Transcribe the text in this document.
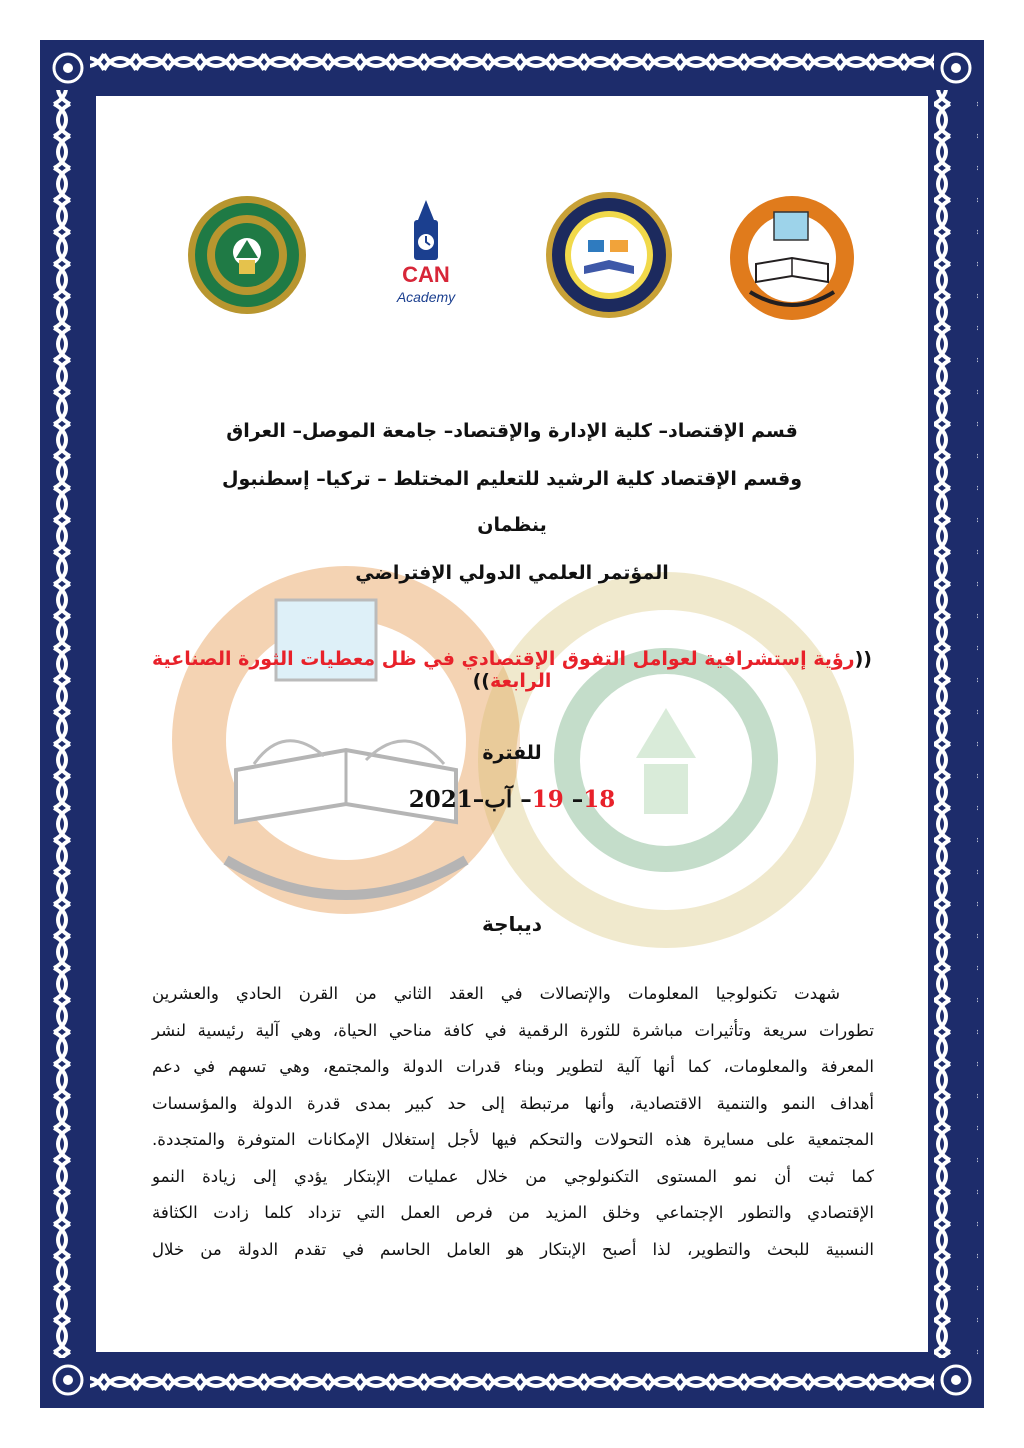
CAN
Academy
قسم الإقتصاد– كلية الإدارة والإقتصاد– جامعة الموصل– العراق
وقسم الإقتصاد كلية الرشيد للتعليم المختلط – تركيا– إسطنبول
ينظمان
المؤتمر العلمي الدولي الإفتراضي
((رؤية إستشرافية لعوامل التفوق الإقتصادي في ظل معطيات الثورة الصناعية الرابعة))
للفترة
18– 19– آب–2021
ديباجة
شهدت تكنولوجيا المعلومات والإتصالات في العقد الثاني من القرن الحادي والعشرين
تطورات سريعة وتأثيرات مباشرة للثورة الرقمية في كافة مناحي الحياة، وهي آلية رئيسية لنشر
المعرفة والمعلومات، كما أنها آلية لتطوير وبناء قدرات الدولة والمجتمع، وهي تسهم في دعم
أهداف النمو والتنمية الاقتصادية، وأنها مرتبطة إلى حد كبير بمدى قدرة الدولة والمؤسسات
المجتمعية على مسايرة هذه التحولات والتحكم فيها لأجل إستغلال الإمكانات المتوفرة والمتجددة.
كما ثبت أن نمو المستوى التكنولوجي من خلال عمليات الإبتكار يؤدي إلى زيادة النمو
الإقتصادي والتطور الإجتماعي وخلق المزيد من فرص العمل التي تزداد كلما زادت الكثافة
النسبية للبحث والتطوير، لذا أصبح الإبتكار هو العامل الحاسم في تقدم الدولة من خلال
